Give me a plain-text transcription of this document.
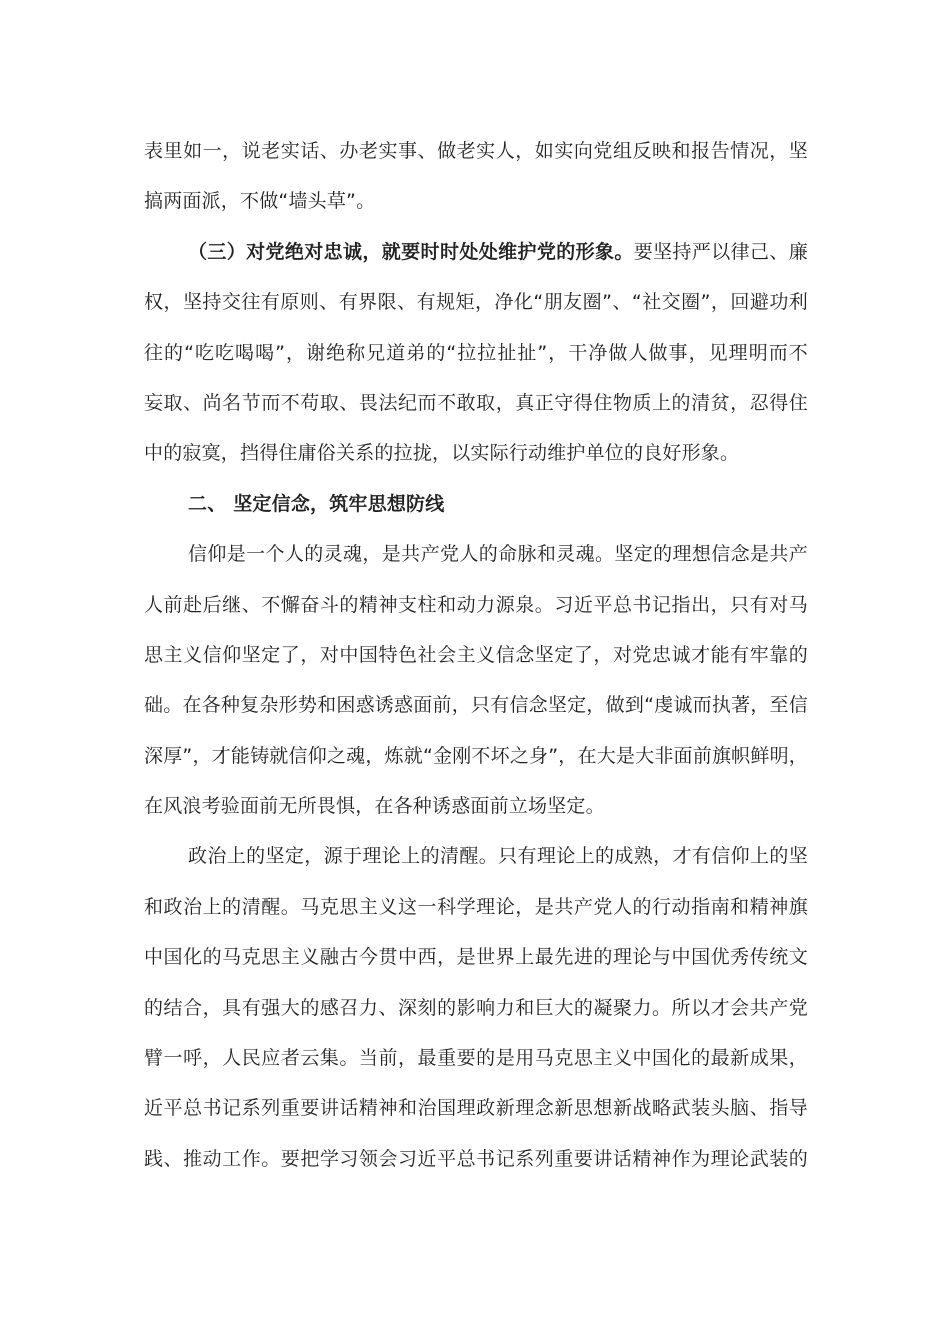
表里如一，说老实话、办老实事、做老实人，如实向党组反映和报告情况，坚
搞两面派，不做“墙头草”。
（三）对党绝对忠诚，就要时时处处维护党的形象。要坚持严以律己、廉
权，坚持交往有原则、有界限、有规矩，净化“朋友圈”、“社交圈”，回避功利
往的“吃吃喝喝”，谢绝称兄道弟的“拉拉扯扯”，干净做人做事，见理明而不
妄取、尚名节而不苟取、畏法纪而不敢取，真正守得住物质上的清贫，忍得住
中的寂寞，挡得住庸俗关系的拉拢，以实际行动维护单位的良好形象。
二、 坚定信念，筑牢思想防线
信仰是一个人的灵魂，是共产党人的命脉和灵魂。坚定的理想信念是共产
人前赴后继、不懈奋斗的精神支柱和动力源泉。习近平总书记指出，只有对马
思主义信仰坚定了，对中国特色社会主义信念坚定了，对党忠诚才能有牢靠的
础。在各种复杂形势和困惑诱惑面前，只有信念坚定，做到“虔诚而执著，至信
深厚”，才能铸就信仰之魂，炼就“金刚不坏之身”，在大是大非面前旗帜鲜明，
在风浪考验面前无所畏惧，在各种诱惑面前立场坚定。
政治上的坚定，源于理论上的清醒。只有理论上的成熟，才有信仰上的坚
和政治上的清醒。马克思主义这一科学理论，是共产党人的行动指南和精神旗
中国化的马克思主义融古今贯中西，是世界上最先进的理论与中国优秀传统文
的结合，具有强大的感召力、深刻的影响力和巨大的凝聚力。所以才会共产党
臂一呼，人民应者云集。当前，最重要的是用马克思主义中国化的最新成果，
近平总书记系列重要讲话精神和治国理政新理念新思想新战略武装头脑、指导
践、推动工作。要把学习领会习近平总书记系列重要讲话精神作为理论武装的
